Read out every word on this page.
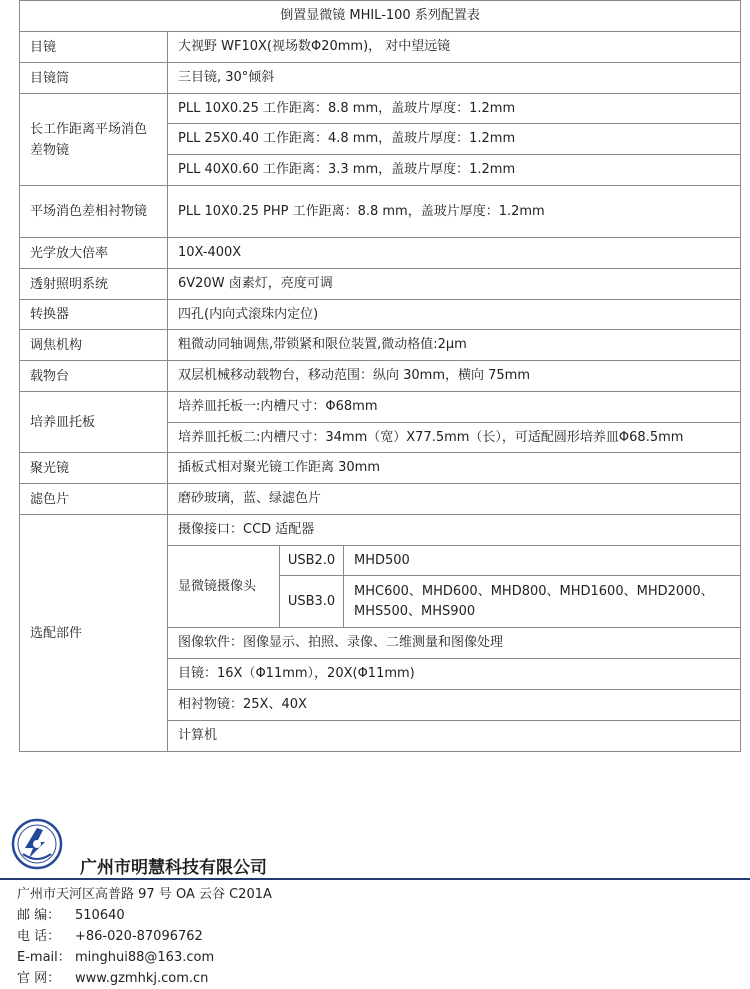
倒置显微镜 MHIL-100 系列配置表			
目镜	大视野 WF10X(视场数Φ20mm)， 对中望远镜		
目镜筒	三目镜, 30°倾斜		
长工作距离平场消色差物镜	PLL 10X0.25 工作距离：8.8 mm，盖玻片厚度：1.2mm		
	PLL 25X0.40 工作距离：4.8 mm，盖玻片厚度：1.2mm		
	PLL 40X0.60 工作距离：3.3 mm，盖玻片厚度：1.2mm		
平场消色差相衬物镜	PLL 10X0.25 PHP 工作距离：8.8 mm，盖玻片厚度：1.2mm		
光学放大倍率	10X-400X		
透射照明系统	6V20W 卤素灯，亮度可调		
转换器	四孔(内向式滚珠内定位)		
调焦机构	粗微动同轴调焦,带锁紧和限位装置,微动格值:2μm		
载物台	双层机械移动载物台，移动范围：纵向 30mm，横向 75mm		
培养皿托板	培养皿托板一:内槽尺寸：Φ68mm		
	培养皿托板二:内槽尺寸：34mm（宽）X77.5mm（长），可适配圆形培养皿Φ68.5mm		
聚光镜	插板式相对聚光镜工作距离 30mm		
滤色片	磨砂玻璃，蓝、绿滤色片		
选配部件	摄像接口：CCD 适配器		
	显微镜摄像头	USB2.0	MHD500
		USB3.0	MHC600、MHD600、MHD800、MHD1600、MHD2000、MHS500、MHS900
	图像软件：图像显示、拍照、录像、二维测量和图像处理		
	目镜：16X（Φ11mm），20X(Φ11mm)		
	相衬物镜：25X、40X		
	计算机		
广州市明慧科技有限公司
广州市天河区高普路 97 号 OA 云谷 C201A
邮 编： 510640
电 话： +86-020-87096762
E-mail： minghui88@163.com
官 网： www.gzmhkj.com.cn
